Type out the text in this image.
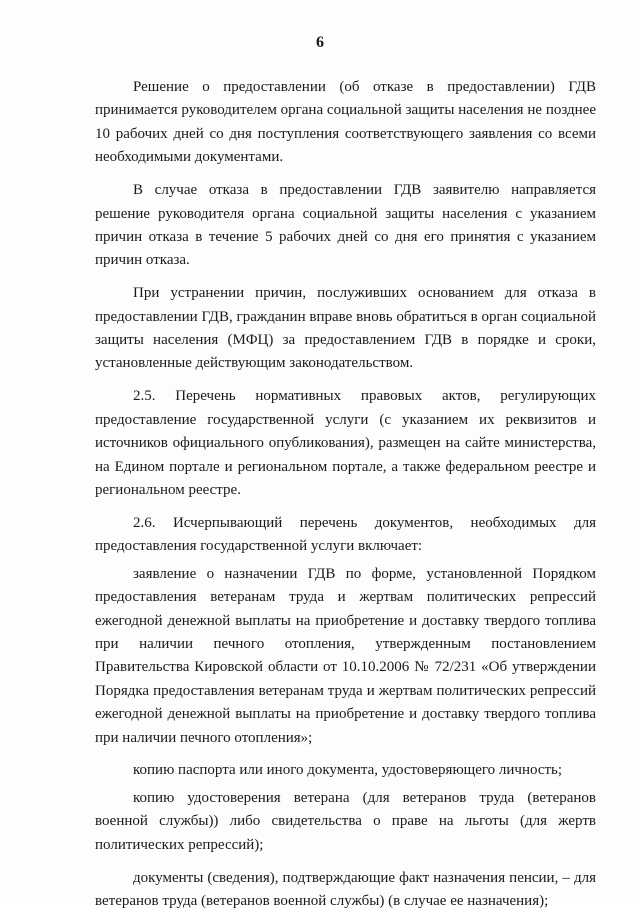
6

Решение о предоставлении (об отказе в предоставлении) ГДВ принимается руководителем органа социальной защиты населения не позднее 10 рабочих дней со дня поступления соответствующего заявления со всеми необходимыми документами.

В случае отказа в предоставлении ГДВ заявителю направляется решение руководителя органа социальной защиты населения с указанием причин отказа в течение 5 рабочих дней со дня его принятия с указанием причин отказа.

При устранении причин, послуживших основанием для отказа в предоставлении ГДВ, гражданин вправе вновь обратиться в орган социальной защиты населения (МФЦ) за предоставлением ГДВ в порядке и сроки, установленные действующим законодательством.

2.5. Перечень нормативных правовых актов, регулирующих предоставление государственной услуги (с указанием их реквизитов и источников официального опубликования), размещен на сайте министерства, на Едином портале и региональном портале, а также федеральном реестре и региональном реестре.

2.6. Исчерпывающий перечень документов, необходимых для предоставления государственной услуги включает:

заявление о назначении ГДВ по форме, установленной Порядком предоставления ветеранам труда и жертвам политических репрессий ежегодной денежной выплаты на приобретение и доставку твердого топлива при наличии печного отопления, утвержденным постановлением Правительства Кировской области от 10.10.2006 № 72/231 «Об утверждении Порядка предоставления ветеранам труда и жертвам политических репрессий ежегодной денежной выплаты на приобретение и доставку твердого топлива при наличии печного отопления»;

копию паспорта или иного документа, удостоверяющего личность;

копию удостоверения ветерана (для ветеранов труда (ветеранов военной службы)) либо свидетельства о праве на льготы (для жертв политических репрессий);

документы (сведения), подтверждающие факт назначения пенсии, – для ветеранов труда (ветеранов военной службы) (в случае ее назначения);
